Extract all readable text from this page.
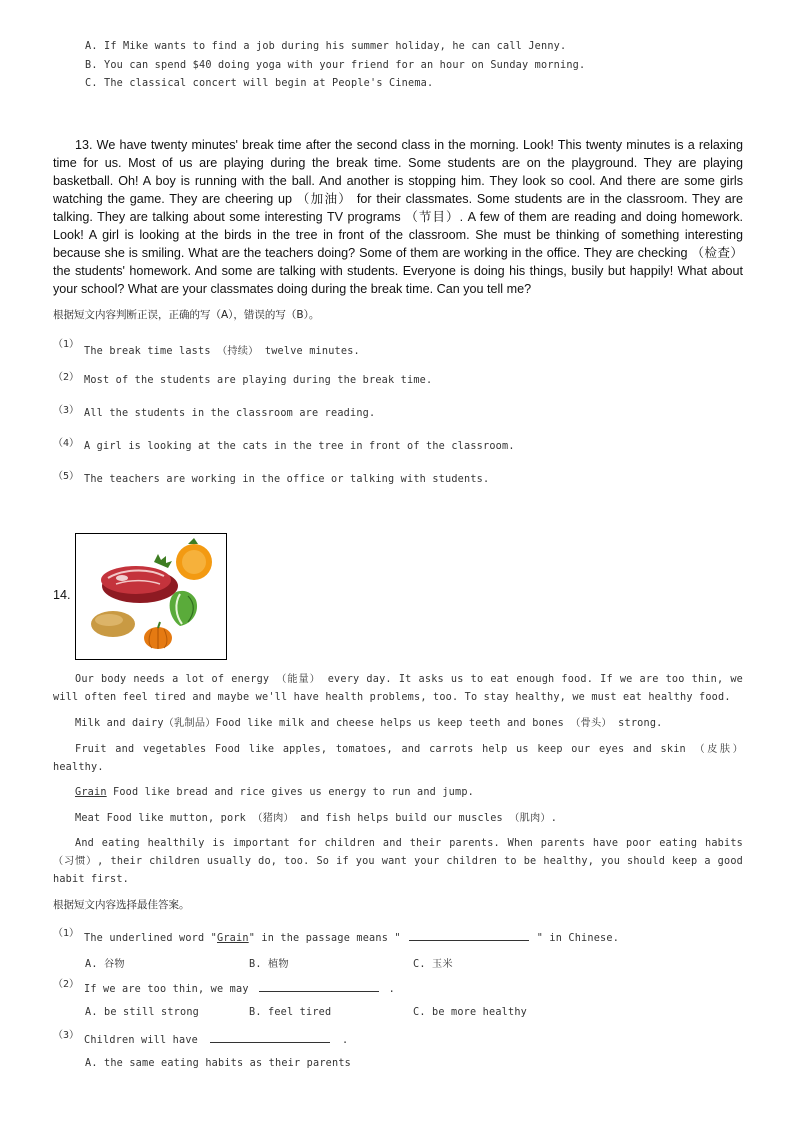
A. If Mike wants to find a job during his summer holiday, he can call Jenny.
B. You can spend $40 doing yoga with your friend for an hour on Sunday morning.
C. The classical concert will begin at People's Cinema.
13. We have twenty minutes' break time after the second class in the morning. Look! This twenty minutes is a relaxing time for us. Most of us are playing during the break time. Some students are on the playground. They are playing basketball. Oh! A boy is running with the ball. And another is stopping him. They look so cool. And there are some girls watching the game. They are cheering up （加油） for their classmates. Some students are in the classroom. They are talking. They are talking about some interesting TV programs （节目）. A few of them are reading and doing homework. Look! A girl is looking at the birds in the tree in front of the classroom. She must be thinking of something interesting because she is smiling. What are the teachers doing? Some of them are working in the office. They are checking （检查） the students' homework. And some are talking with students. Everyone is doing his things, busily but happily! What about your school? What are your classmates doing during the break time. Can you tell me?
根据短文内容判断正误，正确的写（A），错误的写（B）。
（1）
The break time lasts （持续） twelve minutes.
（2） Most of the students are playing during the break time.
（3） All the students in the classroom are reading.
（4） A girl is looking at the cats in the tree in front of the classroom.
（5） The teachers are working in the office or talking with students.
14.
Our body needs a lot of energy （能量） every day. It asks us to eat enough food. If we are too thin, we will often feel tired and maybe we'll have health problems, too. To stay healthy, we must eat healthy food.
Milk and dairy（乳制品）Food like milk and cheese helps us keep teeth and bones （骨头） strong.
Fruit and vegetables Food like apples, tomatoes, and carrots help us keep our eyes and skin （皮肤） healthy.
Grain Food like bread and rice gives us energy to run and jump.
Meat Food like mutton, pork （猪肉） and fish helps build our muscles （肌肉）.
And eating healthily is important for children and their parents. When parents have poor eating habits （习惯）, their children usually do, too. So if you want your children to be healthy, you should keep a good habit first.
根据短文内容选择最佳答案。
（1） The underlined word "Grain" in the passage means "	" in Chinese.
A. 谷物	B. 植物	C. 玉米
（2） If we are too thin, we may	.
A. be still strong	B. feel tired	C. be more healthy
（3） Children will have	.
A. the same eating habits as their parents
